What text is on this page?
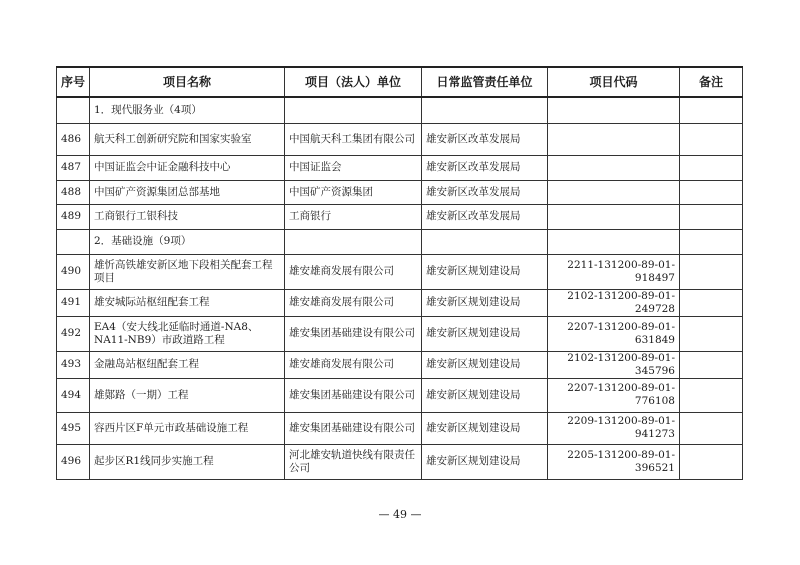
序号	项目名称	项目（法人）单位	日常监管责任单位	项目代码	备注
	1．现代服务业（4项）				
486	航天科工创新研究院和国家实验室	中国航天科工集团有限公司	雄安新区改革发展局		
487	中国证监会中证金融科技中心	中国证监会	雄安新区改革发展局		
488	中国矿产资源集团总部基地	中国矿产资源集团	雄安新区改革发展局		
489	工商银行工银科技	工商银行	雄安新区改革发展局		
	2．基础设施（9项）				
490	雄忻高铁雄安新区地下段相关配套工程项目	雄安雄商发展有限公司	雄安新区规划建设局	2211-131200-89-01-918497	
491	雄安城际站枢纽配套工程	雄安雄商发展有限公司	雄安新区规划建设局	2102-131200-89-01-249728	
492	EA4（安大线北延临时通道-NA8、NA11-NB9）市政道路工程	雄安集团基础建设有限公司	雄安新区规划建设局	2207-131200-89-01-631849	
493	金融岛站枢纽配套工程	雄安雄商发展有限公司	雄安新区规划建设局	2102-131200-89-01-345796	
494	雄鄚路（一期）工程	雄安集团基础建设有限公司	雄安新区规划建设局	2207-131200-89-01-776108	
495	容西片区F单元市政基础设施工程	雄安集团基础建设有限公司	雄安新区规划建设局	2209-131200-89-01-941273	
496	起步区R1线同步实施工程	河北雄安轨道快线有限责任公司	雄安新区规划建设局	2205-131200-89-01-396521	
— 49 —
